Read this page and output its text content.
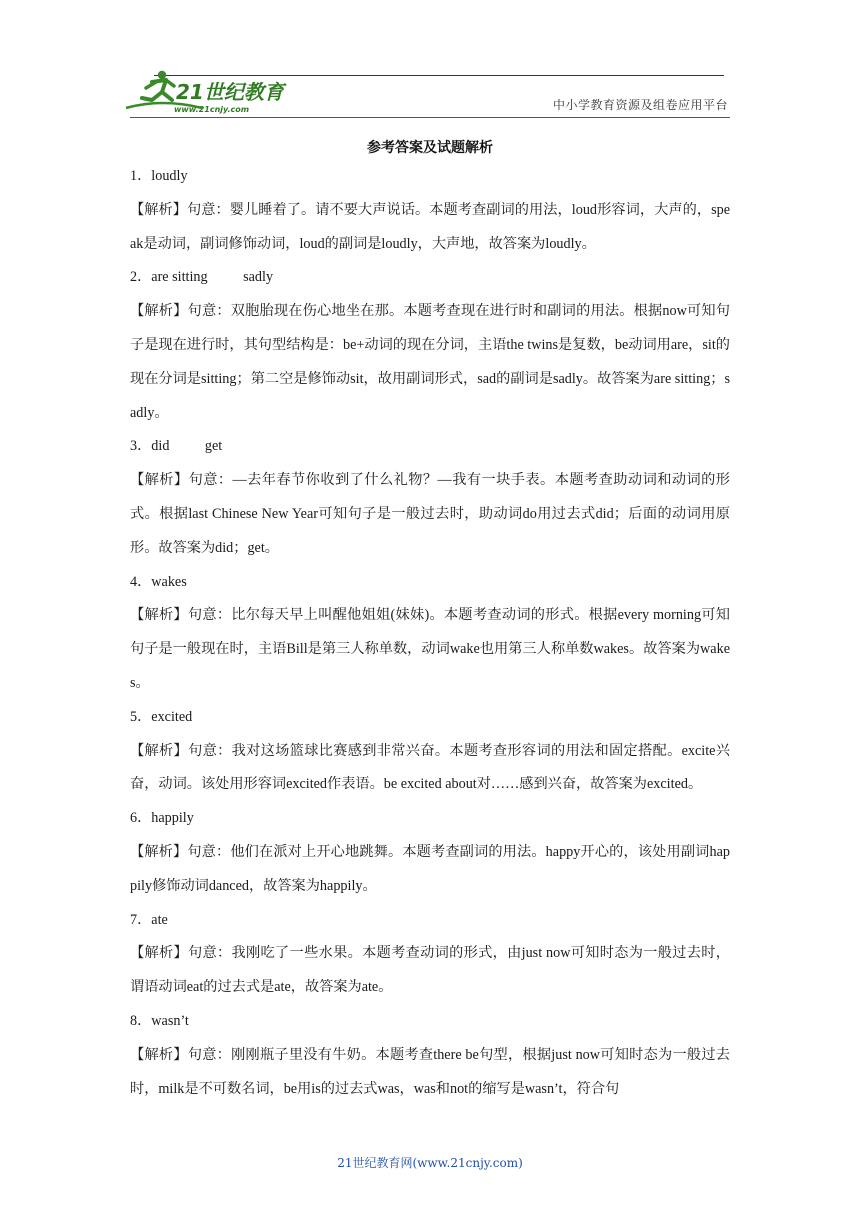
21世纪教育
www.21cnjy.com	中小学教育资源及组卷应用平台
参考答案及试题解析
1．loudly
【解析】句意：婴儿睡着了。请不要大声说话。本题考查副词的用法，loud形容词，大声的，speak是动词，副词修饰动词，loud的副词是loudly，大声地，故答案为loudly。
2．are sitting          sadly
【解析】句意：双胞胎现在伤心地坐在那。本题考查现在进行时和副词的用法。根据now可知句子是现在进行时，其句型结构是：be+动词的现在分词，主语the twins是复数，be动词用are，sit的现在分词是sitting；第二空是修饰动sit，故用副词形式，sad的副词是sadly。故答案为are sitting；sadly。
3．did          get
【解析】句意：—去年春节你收到了什么礼物？—我有一块手表。本题考查助动词和动词的形式。根据last Chinese New Year可知句子是一般过去时，助动词do用过去式did；后面的动词用原形。故答案为did；get。
4．wakes
【解析】句意：比尔每天早上叫醒他姐姐(妹妹)。本题考查动词的形式。根据every morning可知句子是一般现在时，主语Bill是第三人称单数，动词wake也用第三人称单数wakes。故答案为wakes。
5．excited
【解析】句意：我对这场篮球比赛感到非常兴奋。本题考查形容词的用法和固定搭配。excite兴奋，动词。该处用形容词excited作表语。be excited about对……感到兴奋，故答案为excited。
6．happily
【解析】句意：他们在派对上开心地跳舞。本题考查副词的用法。happy开心的，该处用副词happily修饰动词danced，故答案为happily。
7．ate
【解析】句意：我刚吃了一些水果。本题考查动词的形式，由just now可知时态为一般过去时，谓语动词eat的过去式是ate，故答案为ate。
8．wasn’t
【解析】句意：刚刚瓶子里没有牛奶。本题考查there be句型，根据just now可知时态为一般过去时，milk是不可数名词，be用is的过去式was，was和not的缩写是wasn’t，符合句
21世纪教育网(www.21cnjy.com)
